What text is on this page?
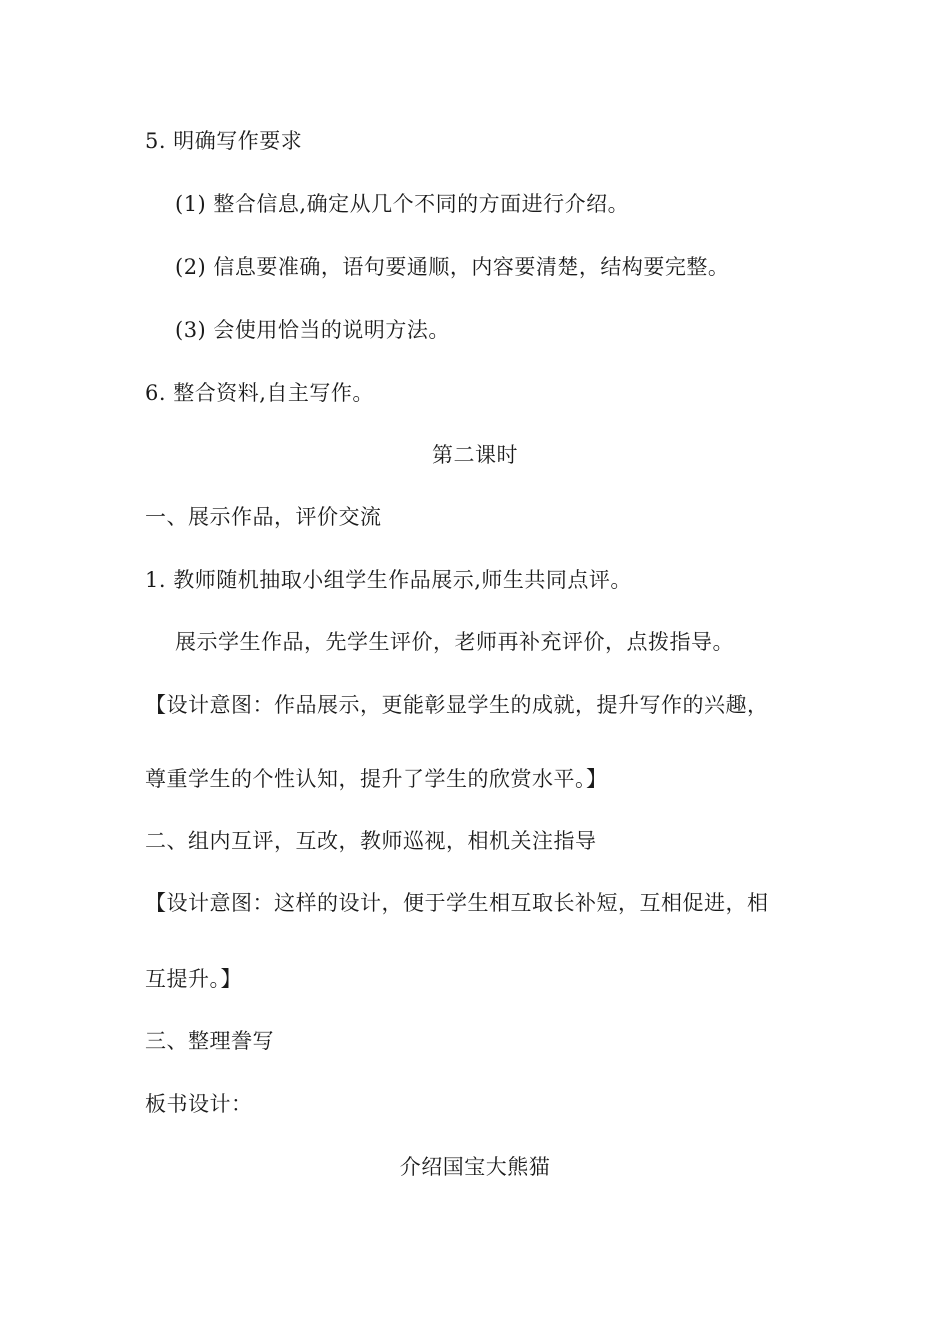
5. 明确写作要求
(1) 整合信息,确定从几个不同的方面进行介绍。
(2) 信息要准确，语句要通顺，内容要清楚，结构要完整。
(3) 会使用恰当的说明方法。
6. 整合资料,自主写作。
第二课时
一、展示作品，评价交流
1. 教师随机抽取小组学生作品展示,师生共同点评。
展示学生作品，先学生评价，老师再补充评价，点拨指导。
【设计意图：作品展示，更能彰显学生的成就，提升写作的兴趣，
尊重学生的个性认知，提升了学生的欣赏水平。】
二、组内互评，互改，教师巡视，相机关注指导
【设计意图：这样的设计，便于学生相互取长补短，互相促进，相
互提升。】
三、整理誊写
板书设计：
介绍国宝大熊猫
